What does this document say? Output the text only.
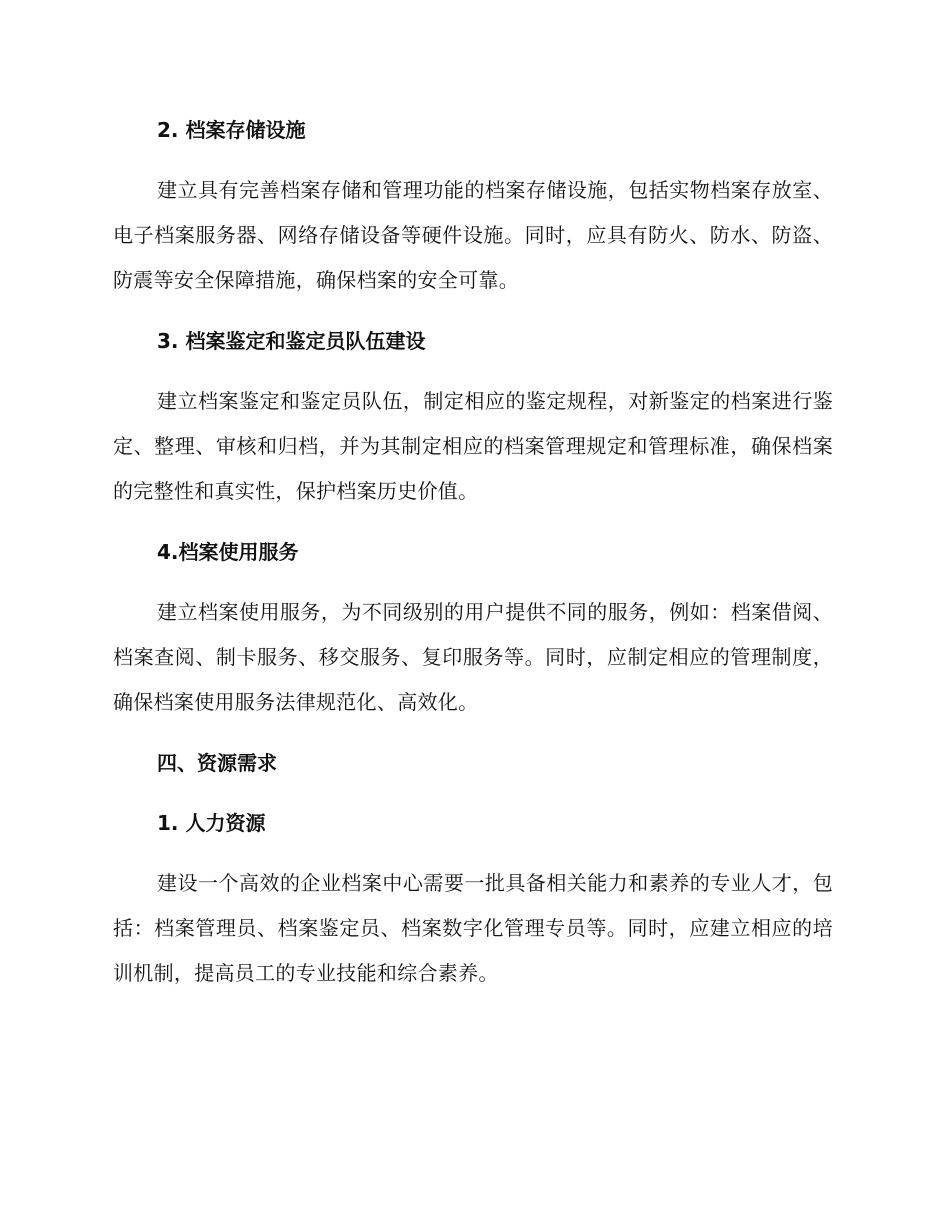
2. 档案存储设施

建立具有完善档案存储和管理功能的档案存储设施，包括实物档案存放室、电子档案服务器、网络存储设备等硬件设施。同时，应具有防火、防水、防盗、防震等安全保障措施，确保档案的安全可靠。

3. 档案鉴定和鉴定员队伍建设

建立档案鉴定和鉴定员队伍，制定相应的鉴定规程，对新鉴定的档案进行鉴定、整理、审核和归档，并为其制定相应的档案管理规定和管理标准，确保档案的完整性和真实性，保护档案历史价值。

4.档案使用服务

建立档案使用服务，为不同级别的用户提供不同的服务，例如：档案借阅、档案查阅、制卡服务、移交服务、复印服务等。同时，应制定相应的管理制度，确保档案使用服务法律规范化、高效化。

四、资源需求
1. 人力资源

建设一个高效的企业档案中心需要一批具备相关能力和素养的专业人才，包括：档案管理员、档案鉴定员、档案数字化管理专员等。同时，应建立相应的培训机制，提高员工的专业技能和综合素养。
